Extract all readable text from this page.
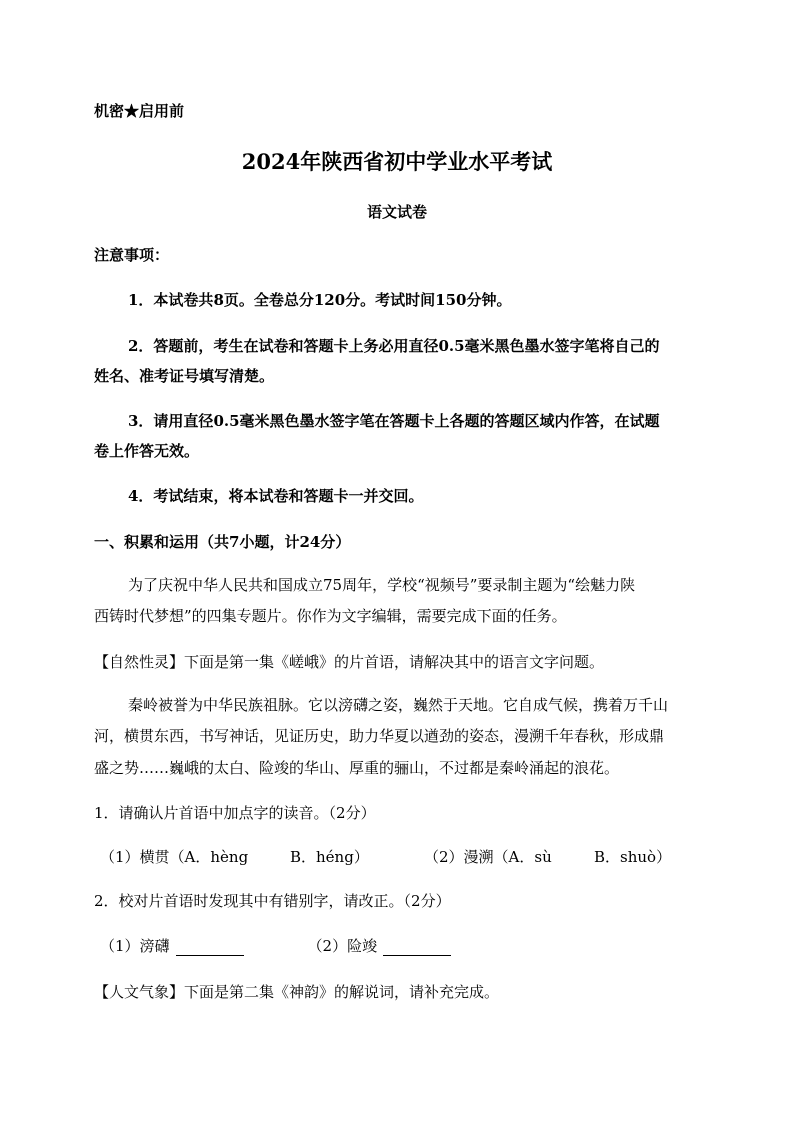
机密★启用前
2024年陕西省初中学业水平考试
语文试卷
注意事项：
1．本试卷共8页。全卷总分120分。考试时间150分钟。
2．答题前，考生在试卷和答题卡上务必用直径0.5毫米黑色墨水签字笔将自己的
姓名、准考证号填写清楚。
3．请用直径0.5毫米黑色墨水签字笔在答题卡上各题的答题区域内作答，在试题
卷上作答无效。
4．考试结束，将本试卷和答题卡一并交回。
一、积累和运用（共7小题，计24分）
为了庆祝中华人民共和国成立75周年，学校“视频号”要录制主题为“绘魅力陕
西铸时代梦想”的四集专题片。你作为文字编辑，需要完成下面的任务。
【自然性灵】下面是第一集《嵯峨》的片首语，请解决其中的语言文字问题。
秦岭被誉为中华民族祖脉。它以滂礴之姿，巍然于天地。它自成气候，携着万千山
河，横贯东西，书写神话，见证历史，助力华夏以遒劲的姿态，漫溯千年春秋，形成鼎
盛之势……巍峨的太白、险竣的华山、厚重的骊山，不过都是秦岭涌起的浪花。
1．请确认片首语中加点字的读音。（2分）
（1）横贯（A．hèng	B．héng）	（2）漫溯（A．sù	B．shuò）
2．校对片首语时发现其中有错别字，请改正。（2分）
（1）滂礴	（2）险竣
【人文气象】下面是第二集《神韵》的解说词，请补充完成。
